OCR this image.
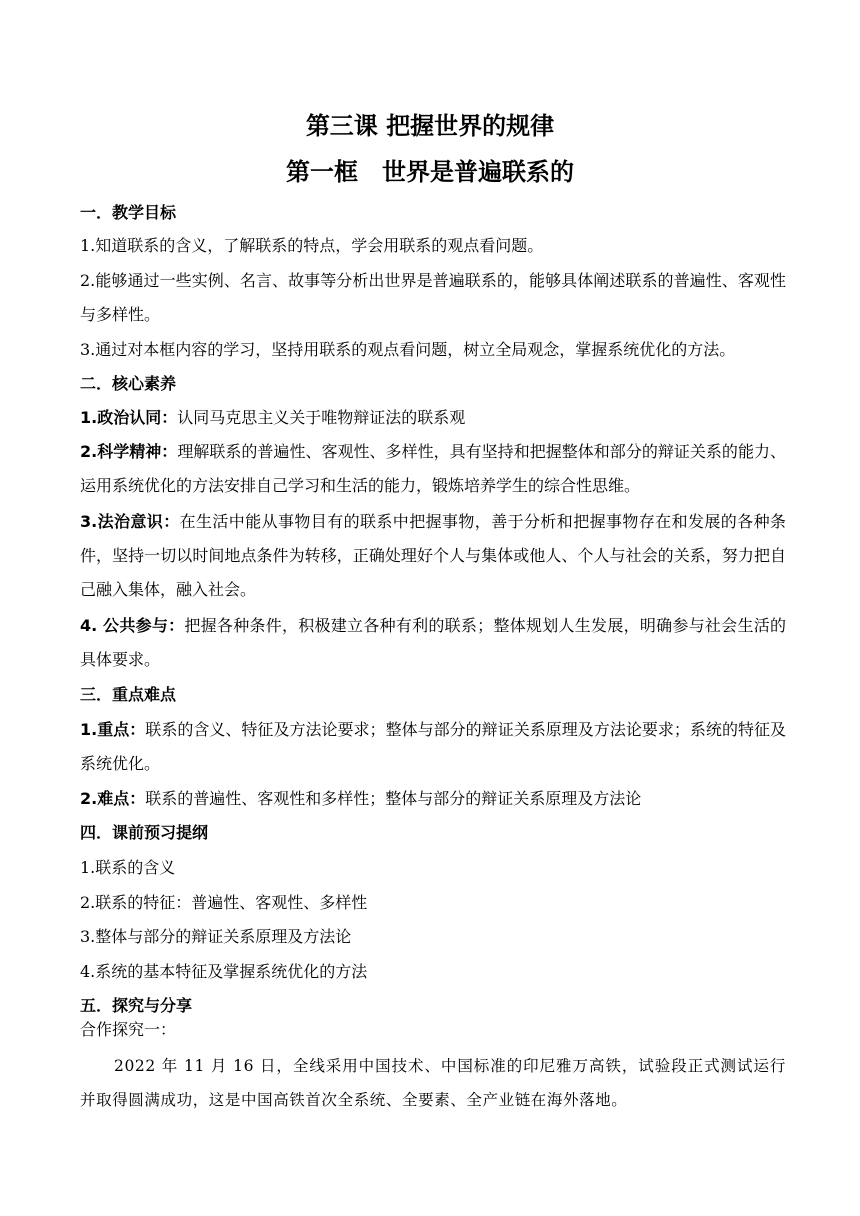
第三课 把握世界的规律
第一框　世界是普遍联系的
一．教学目标

1.知道联系的含义，了解联系的特点，学会用联系的观点看问题。

2.能够通过一些实例、名言、故事等分析出世界是普遍联系的，能够具体阐述联系的普遍性、客观性与多样性。

3.通过对本框内容的学习，坚持用联系的观点看问题，树立全局观念，掌握系统优化的方法。

二．核心素养

1.政治认同：认同马克思主义关于唯物辩证法的联系观

2.科学精神：理解联系的普遍性、客观性、多样性，具有坚持和把握整体和部分的辩证关系的能力、运用系统优化的方法安排自己学习和生活的能力，锻炼培养学生的综合性思维。

3.法治意识：在生活中能从事物目有的联系中把握事物，善于分析和把握事物存在和发展的各种条件，坚持一切以时间地点条件为转移，正确处理好个人与集体或他人、个人与社会的关系，努力把自己融入集体，融入社会。

4. 公共参与：把握各种条件，积极建立各种有利的联系；整体规划人生发展，明确参与社会生活的具体要求。

三．重点难点

1.重点：联系的含义、特征及方法论要求；整体与部分的辩证关系原理及方法论要求；系统的特征及系统优化。

2.难点：联系的普遍性、客观性和多样性；整体与部分的辩证关系原理及方法论

四．课前预习提纲

1.联系的含义

2.联系的特征：普遍性、客观性、多样性

3.整体与部分的辩证关系原理及方法论

4.系统的基本特征及掌握系统优化的方法

五．探究与分享

合作探究一：

2022 年 11 月 16 日，全线采用中国技术、中国标准的印尼雅万高铁，试验段正式测试运行并取得圆满成功，这是中国高铁首次全系统、全要素、全产业链在海外落地。
